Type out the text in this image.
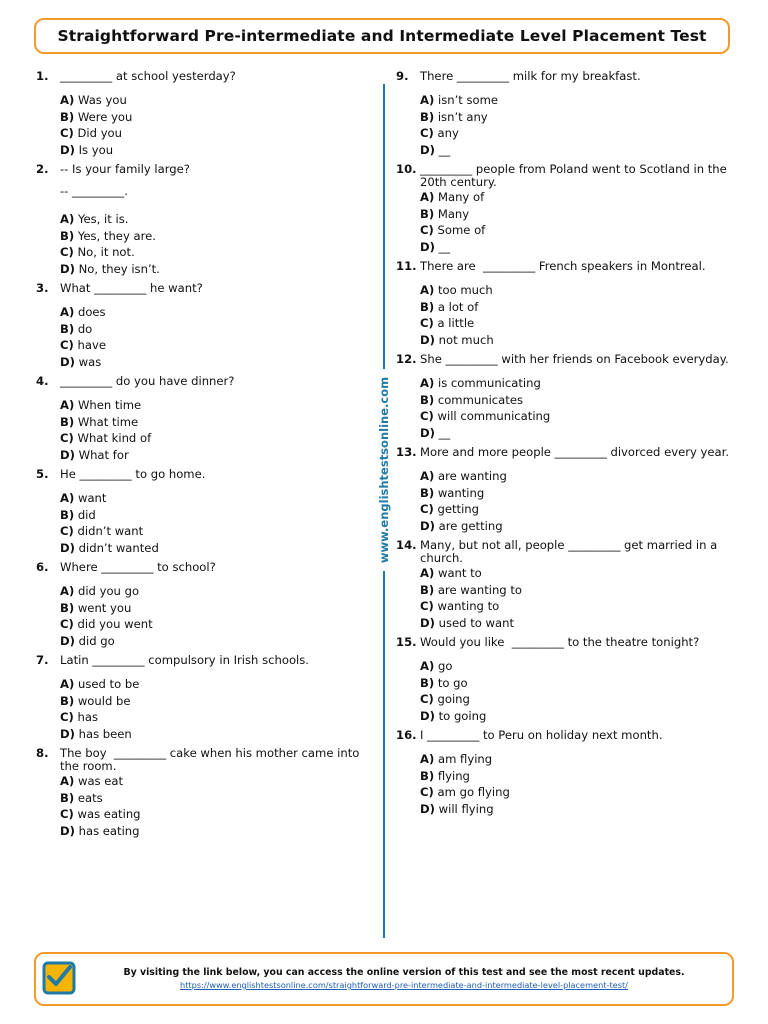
Straightforward Pre-intermediate and Intermediate Level Placement Test
1. _________ at school yesterday?
A) Was you
B) Were you
C) Did you
D) Is you
2. -- Is your family large?
-- _________.
A) Yes, it is.
B) Yes, they are.
C) No, it not.
D) No, they isn’t.
3. What _________ he want?
A) does
B) do
C) have
D) was
4. _________ do you have dinner?
A) When time
B) What time
C) What kind of
D) What for
5. He _________ to go home.
A) want
B) did
C) didn’t want
D) didn’t wanted
6. Where _________ to school?
A) did you go
B) went you
C) did you went
D) did go
7. Latin _________ compulsory in Irish schools.
A) used to be
B) would be
C) has
D) has been
8. The boy  _________ cake when his mother came into the room.
A) was eat
B) eats
C) was eating
D) has eating
www.englishtestsonline.com
9. There _________ milk for my breakfast.
A) isn’t some
B) isn’t any
C) any
D) __
10. _________ people from Poland went to Scotland in the 20th century.
A) Many of
B) Many
C) Some of
D) __
11. There are  _________ French speakers in Montreal.
A) too much
B) a lot of
C) a little
D) not much
12. She _________ with her friends on Facebook everyday.
A) is communicating
B) communicates
C) will communicating
D) __
13. More and more people _________ divorced every year.
A) are wanting
B) wanting
C) getting
D) are getting
14. Many, but not all, people _________ get married in a church.
A) want to
B) are wanting to
C) wanting to
D) used to want
15. Would you like  _________ to the theatre tonight?
A) go
B) to go
C) going
D) to going
16. I _________ to Peru on holiday next month.
A) am flying
B) flying
C) am go flying
D) will flying
By visiting the link below, you can access the online version of this test and see the most recent updates.
https://www.englishtestsonline.com/straightforward-pre-intermediate-and-intermediate-level-placement-test/
